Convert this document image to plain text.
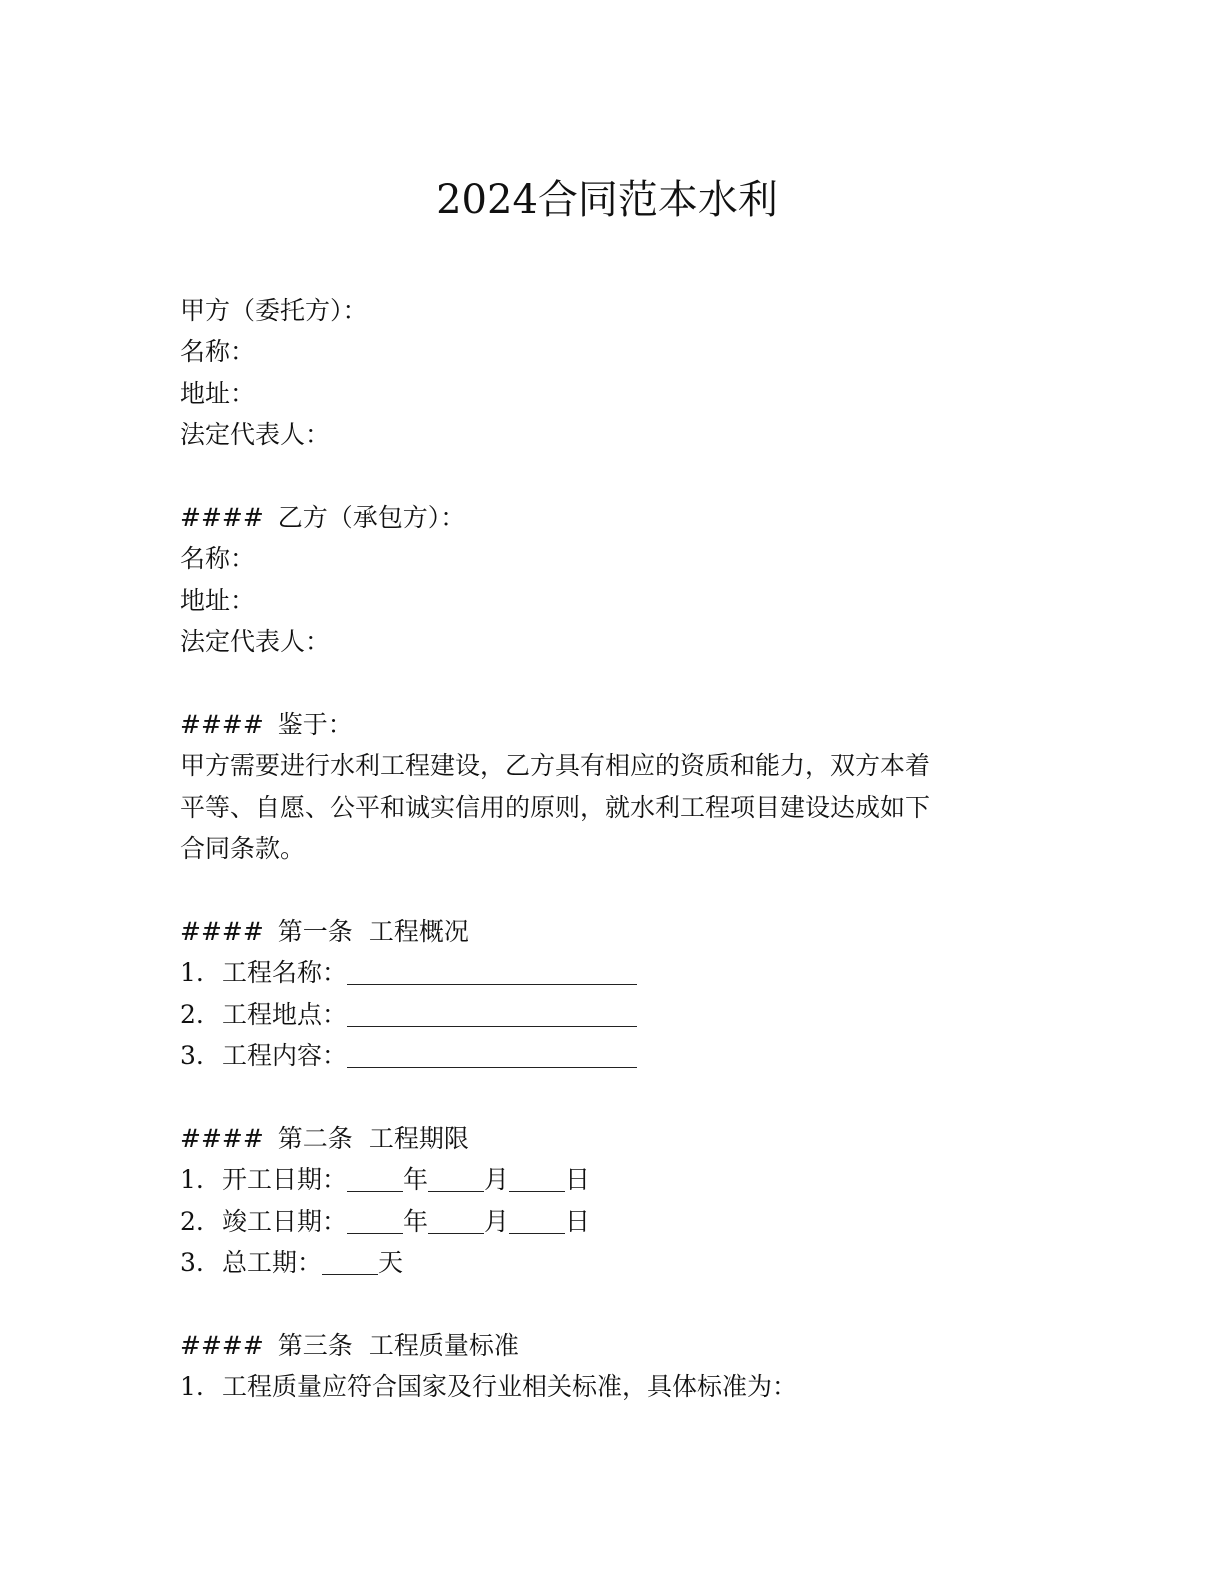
2024合同范本水利
甲方（委托方）：
名称：
地址：
法定代表人：
#### 乙方（承包方）：
名称：
地址：
法定代表人：
#### 鉴于：
甲方需要进行水利工程建设，乙方具有相应的资质和能力，双方本着
平等、自愿、公平和诚实信用的原则，就水利工程项目建设达成如下
合同条款。
#### 第一条 工程概况
1. 工程名称：
2. 工程地点：
3. 工程内容：
#### 第二条 工程期限
1. 开工日期： 年 月 日
2. 竣工日期： 年 月 日
3. 总工期： 天
#### 第三条 工程质量标准
1. 工程质量应符合国家及行业相关标准，具体标准为：
